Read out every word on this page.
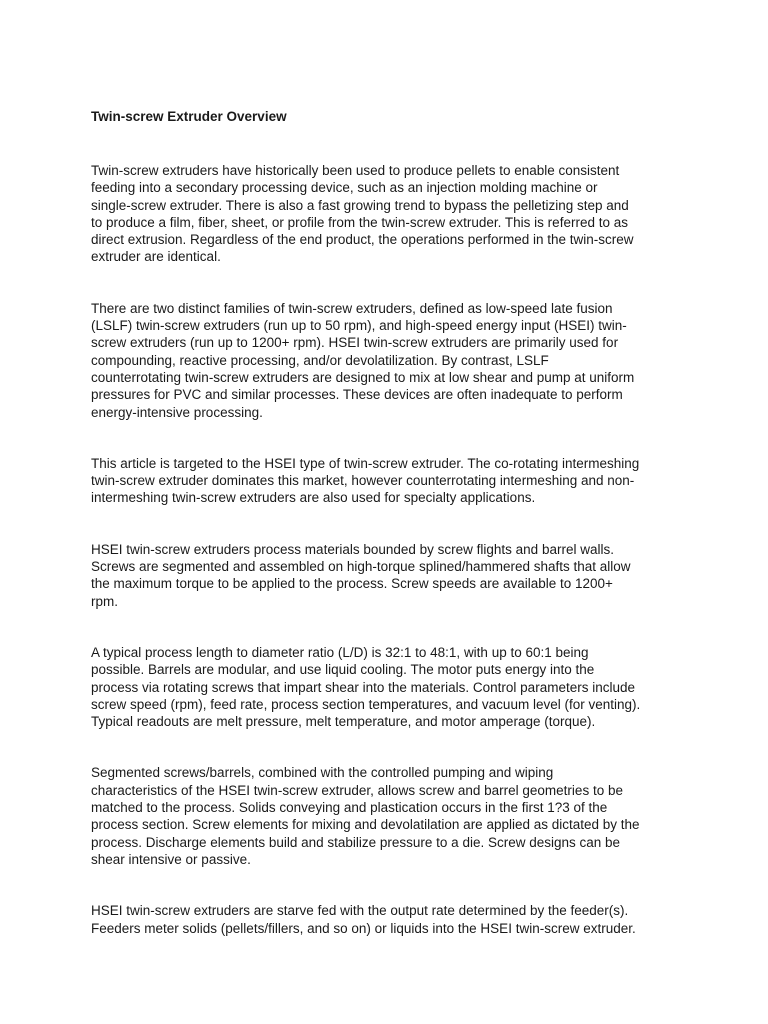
Twin-screw Extruder Overview

Twin-screw extruders have historically been used to produce pellets to enable consistent
feeding into a secondary processing device, such as an injection molding machine or
single-screw extruder. There is also a fast growing trend to bypass the pelletizing step and
to produce a film, fiber, sheet, or profile from the twin-screw extruder. This is referred to as
direct extrusion. Regardless of the end product, the operations performed in the twin-screw
extruder are identical.

There are two distinct families of twin-screw extruders, defined as low-speed late fusion
(LSLF) twin-screw extruders (run up to 50 rpm), and high-speed energy input (HSEI) twin-
screw extruders (run up to 1200+ rpm). HSEI twin-screw extruders are primarily used for
compounding, reactive processing, and/or devolatilization. By contrast, LSLF
counterrotating twin-screw extruders are designed to mix at low shear and pump at uniform
pressures for PVC and similar processes. These devices are often inadequate to perform
energy-intensive processing.

This article is targeted to the HSEI type of twin-screw extruder. The co-rotating intermeshing
twin-screw extruder dominates this market, however counterrotating intermeshing and non-
intermeshing twin-screw extruders are also used for specialty applications.

HSEI twin-screw extruders process materials bounded by screw flights and barrel walls.
Screws are segmented and assembled on high-torque splined/hammered shafts that allow
the maximum torque to be applied to the process. Screw speeds are available to 1200+
rpm.

A typical process length to diameter ratio (L/D) is 32:1 to 48:1, with up to 60:1 being
possible. Barrels are modular, and use liquid cooling. The motor puts energy into the
process via rotating screws that impart shear into the materials. Control parameters include
screw speed (rpm), feed rate, process section temperatures, and vacuum level (for venting).
Typical readouts are melt pressure, melt temperature, and motor amperage (torque).

Segmented screws/barrels, combined with the controlled pumping and wiping
characteristics of the HSEI twin-screw extruder, allows screw and barrel geometries to be
matched to the process. Solids conveying and plastication occurs in the first 1?3 of the
process section. Screw elements for mixing and devolatilation are applied as dictated by the
process. Discharge elements build and stabilize pressure to a die. Screw designs can be
shear intensive or passive.

HSEI twin-screw extruders are starve fed with the output rate determined by the feeder(s).
Feeders meter solids (pellets/fillers, and so on) or liquids into the HSEI twin-screw extruder.
